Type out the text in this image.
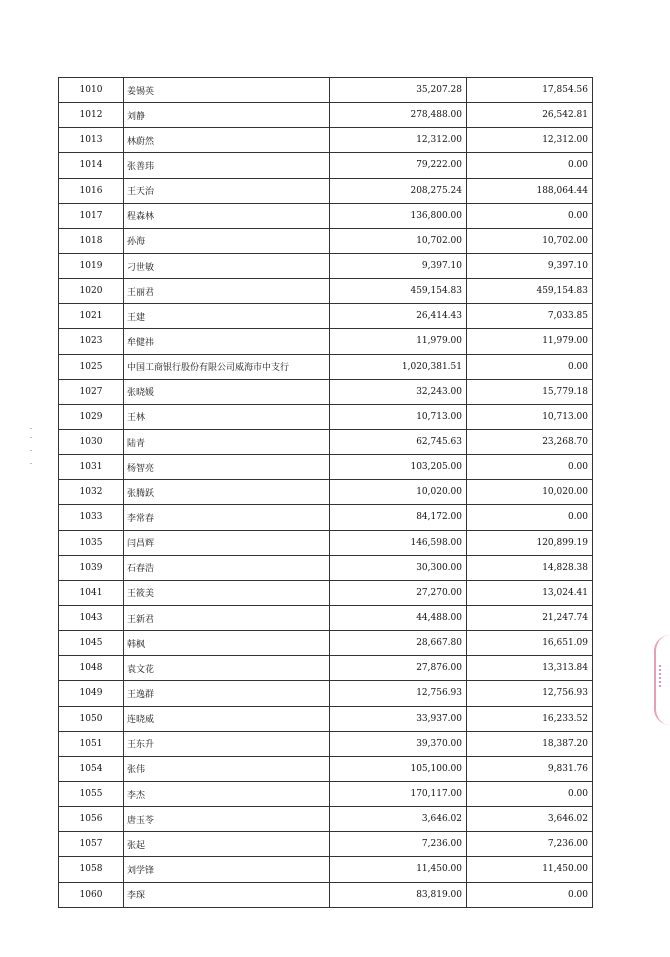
1010	姜锡英	35,207.28	17,854.56
1012	刘静	278,488.00	26,542.81
1013	林蔚然	12,312.00	12,312.00
1014	张善玮	79,222.00	0.00
1016	王天治	208,275.24	188,064.44
1017	程森林	136,800.00	0.00
1018	孙海	10,702.00	10,702.00
1019	刁世敏	9,397.10	9,397.10
1020	王丽君	459,154.83	459,154.83
1021	王建	26,414.43	7,033.85
1023	牟健祎	11,979.00	11,979.00
1025	中国工商银行股份有限公司威海市中支行	1,020,381.51	0.00
1027	张晓媛	32,243.00	15,779.18
1029	王林	10,713.00	10,713.00
1030	陆青	62,745.63	23,268.70
1031	杨智亮	103,205.00	0.00
1032	张腾跃	10,020.00	10,020.00
1033	李常春	84,172.00	0.00
1035	闫昌辉	146,598.00	120,899.19
1039	石春浩	30,300.00	14,828.38
1041	王筱美	27,270.00	13,024.41
1043	王新君	44,488.00	21,247.74
1045	韩枫	28,667.80	16,651.09
1048	袁文花	27,876.00	13,313.84
1049	王逸群	12,756.93	12,756.93
1050	连晓威	33,937.00	16,233.52
1051	王东升	39,370.00	18,387.20
1054	张伟	105,100.00	9,831.76
1055	李杰	170,117.00	0.00
1056	唐玉苓	3,646.02	3,646.02
1057	张起	7,236.00	7,236.00
1058	刘学锋	11,450.00	11,450.00
1060	李琛	83,819.00	0.00
